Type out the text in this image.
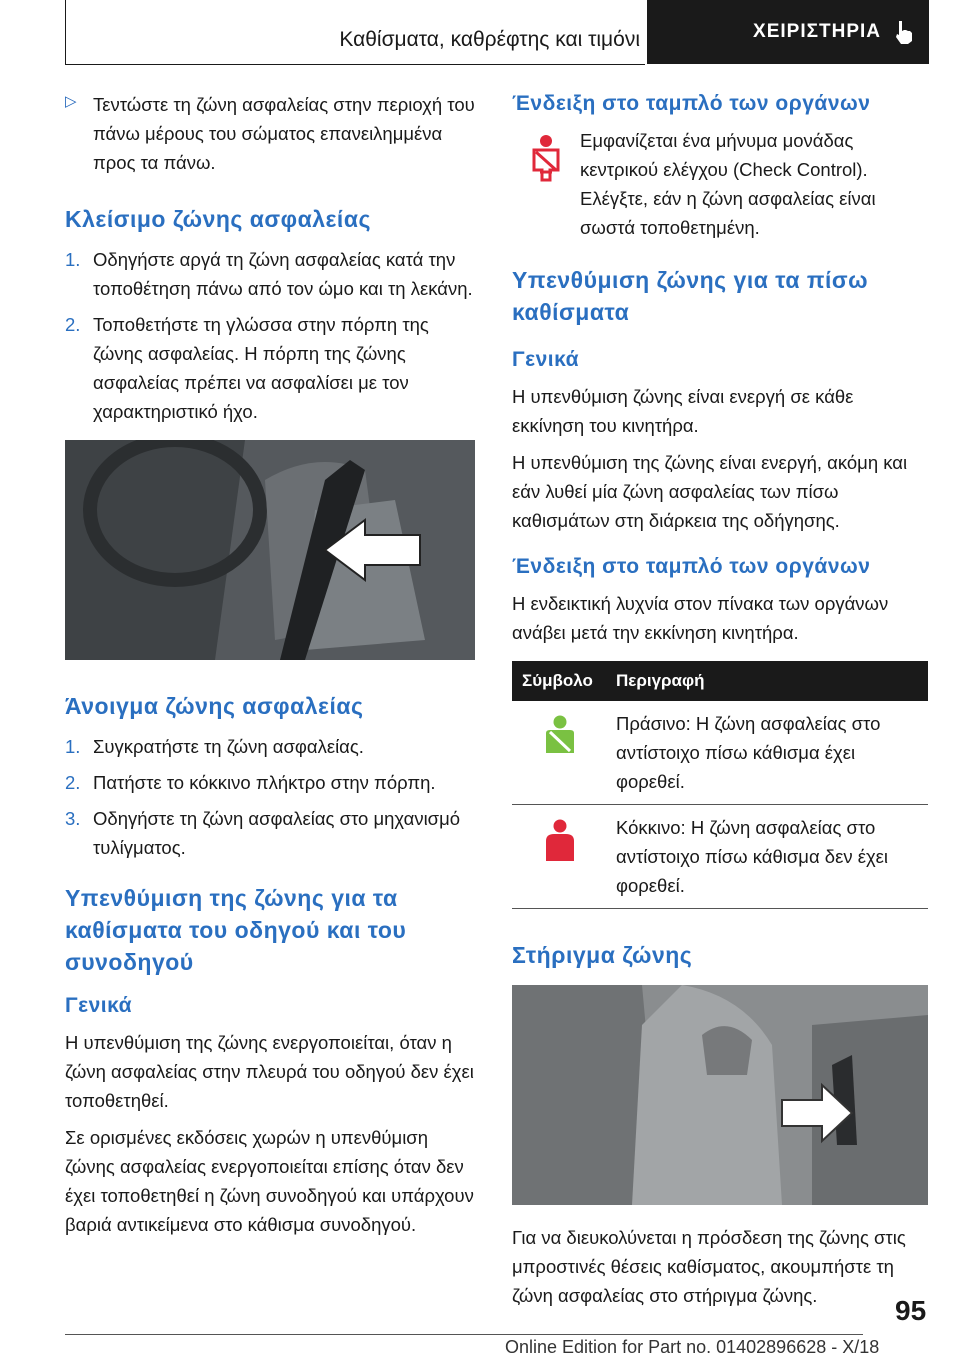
Καθίσματα, καθρέφτης και τιμόνι	ΧΕΙΡΙΣΤΗΡΙΑ
▷ Τεντώστε τη ζώνη ασφαλείας στην περιοχή του πάνω μέρους του σώματος επανειλημμένα προς τα πάνω.

Κλείσιμο ζώνης ασφαλείας
1. Οδηγήστε αργά τη ζώνη ασφαλείας κατά την τοποθέτηση πάνω από τον ώμο και τη λεκάνη.
2. Τοποθετήστε τη γλώσσα στην πόρπη της ζώνης ασφαλείας. Η πόρπη της ζώνης ασφαλείας πρέπει να ασφαλίσει με τον χαρακτηριστικό ήχο.
Άνοιγμα ζώνης ασφαλείας
1. Συγκρατήστε τη ζώνη ασφαλείας.
2. Πατήστε το κόκκινο πλήκτρο στην πόρπη.
3. Οδηγήστε τη ζώνη ασφαλείας στο μηχανισμό τυλίγματος.
Υπενθύμιση της ζώνης για τα καθίσματα του οδηγού και του συνοδηγού
Γενικά

Η υπενθύμιση της ζώνης ενεργοποιείται, όταν η ζώνη ασφαλείας στην πλευρά του οδηγού δεν έχει τοποθετηθεί.

Σε ορισμένες εκδόσεις χωρών η υπενθύμιση ζώνης ασφαλείας ενεργοποιείται επίσης όταν δεν έχει τοποθετηθεί η ζώνη συνοδηγού και υπάρχουν βαριά αντικείμενα στο κάθισμα συνοδηγού.

Ένδειξη στο ταμπλό των οργάνων

Εμφανίζεται ένα μήνυμα μονάδας κεντρικού ελέγχου (Check Control). Ελέγξτε, εάν η ζώνη ασφαλείας είναι σωστά τοποθετημένη.

Υπενθύμιση ζώνης για τα πίσω καθίσματα
Γενικά

Η υπενθύμιση ζώνης είναι ενεργή σε κάθε εκκίνηση του κινητήρα.

Η υπενθύμιση της ζώνης είναι ενεργή, ακόμη και εάν λυθεί μία ζώνη ασφαλείας των πίσω καθισμάτων στη διάρκεια της οδήγησης.

Ένδειξη στο ταμπλό των οργάνων

Η ενδεικτική λυχνία στον πίνακα των οργάνων ανάβει μετά την εκκίνηση κινητήρα.

Σύμβολο	Περιγραφή
	Πράσινο: Η ζώνη ασφαλείας στο αντίστοιχο πίσω κάθισμα έχει φορεθεί.
	Κόκκινο: Η ζώνη ασφαλείας στο αντίστοιχο πίσω κάθισμα δεν έχει φορεθεί.
Στήριγμα ζώνης

Για να διευκολύνεται η πρόσδεση της ζώνης στις μπροστινές θέσεις καθίσματος, ακουμπήστε τη ζώνη ασφαλείας στο στήριγμα ζώνης.	95
Online Edition for Part no. 01402896628 - X/18
